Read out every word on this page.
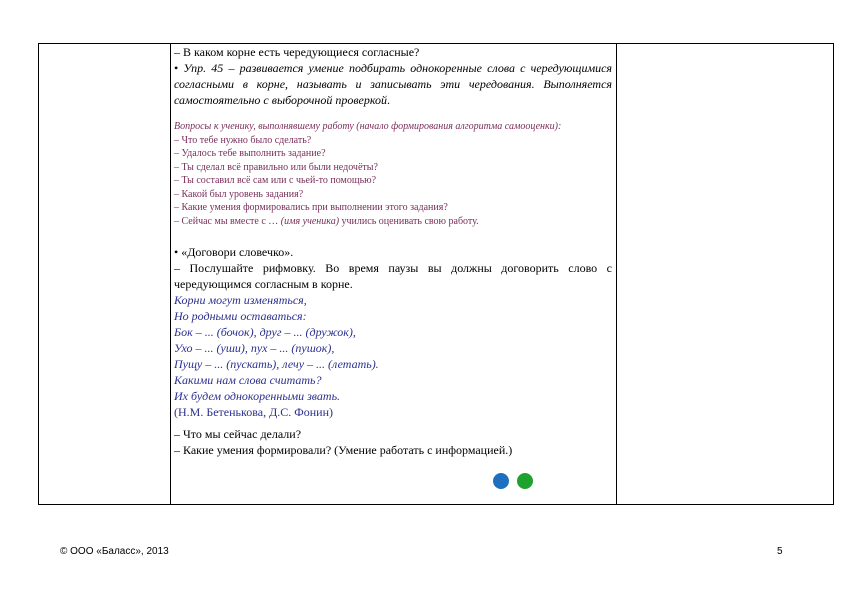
– В каком корне есть чередующиеся согласные?

• Упр. 45 – развивается умение подбирать однокоренные слова с чередующимися согласными в корне, называть и записывать эти чередования. Выполняется самостоятельно с выборочной проверкой.

Вопросы к ученику, выполнявшему работу (начало формирования алгоритма самооценки):

– Что тебе нужно было сделать?

– Удалось тебе выполнить задание?

– Ты сделал всё правильно или были недочёты?

– Ты составил всё сам или с чьей-то помощью?

– Какой был уровень задания?

– Какие умения формировались при выполнении этого задания?

– Сейчас мы вместе с … (имя ученика) учились оценивать свою работу.

• «Договори словечко».

– Послушайте рифмовку. Во время паузы вы должны договорить слово с чередующимся согласным в корне.

Корни могут изменяться,

Но родными оставаться:

Бок – ... (бочок), друг – ... (дружок),

Ухо – ... (уши), пух – ... (пушок),

Пущу – ... (пускать), лечу – ... (летать).

Какими нам слова считать?

Их будем однокоренными звать.

(Н.М. Бетенькова, Д.С. Фонин)

– Что мы сейчас делали?

– Какие умения формировали? (Умение работать с информацией.)

© ООО «Баласс», 2013	5
